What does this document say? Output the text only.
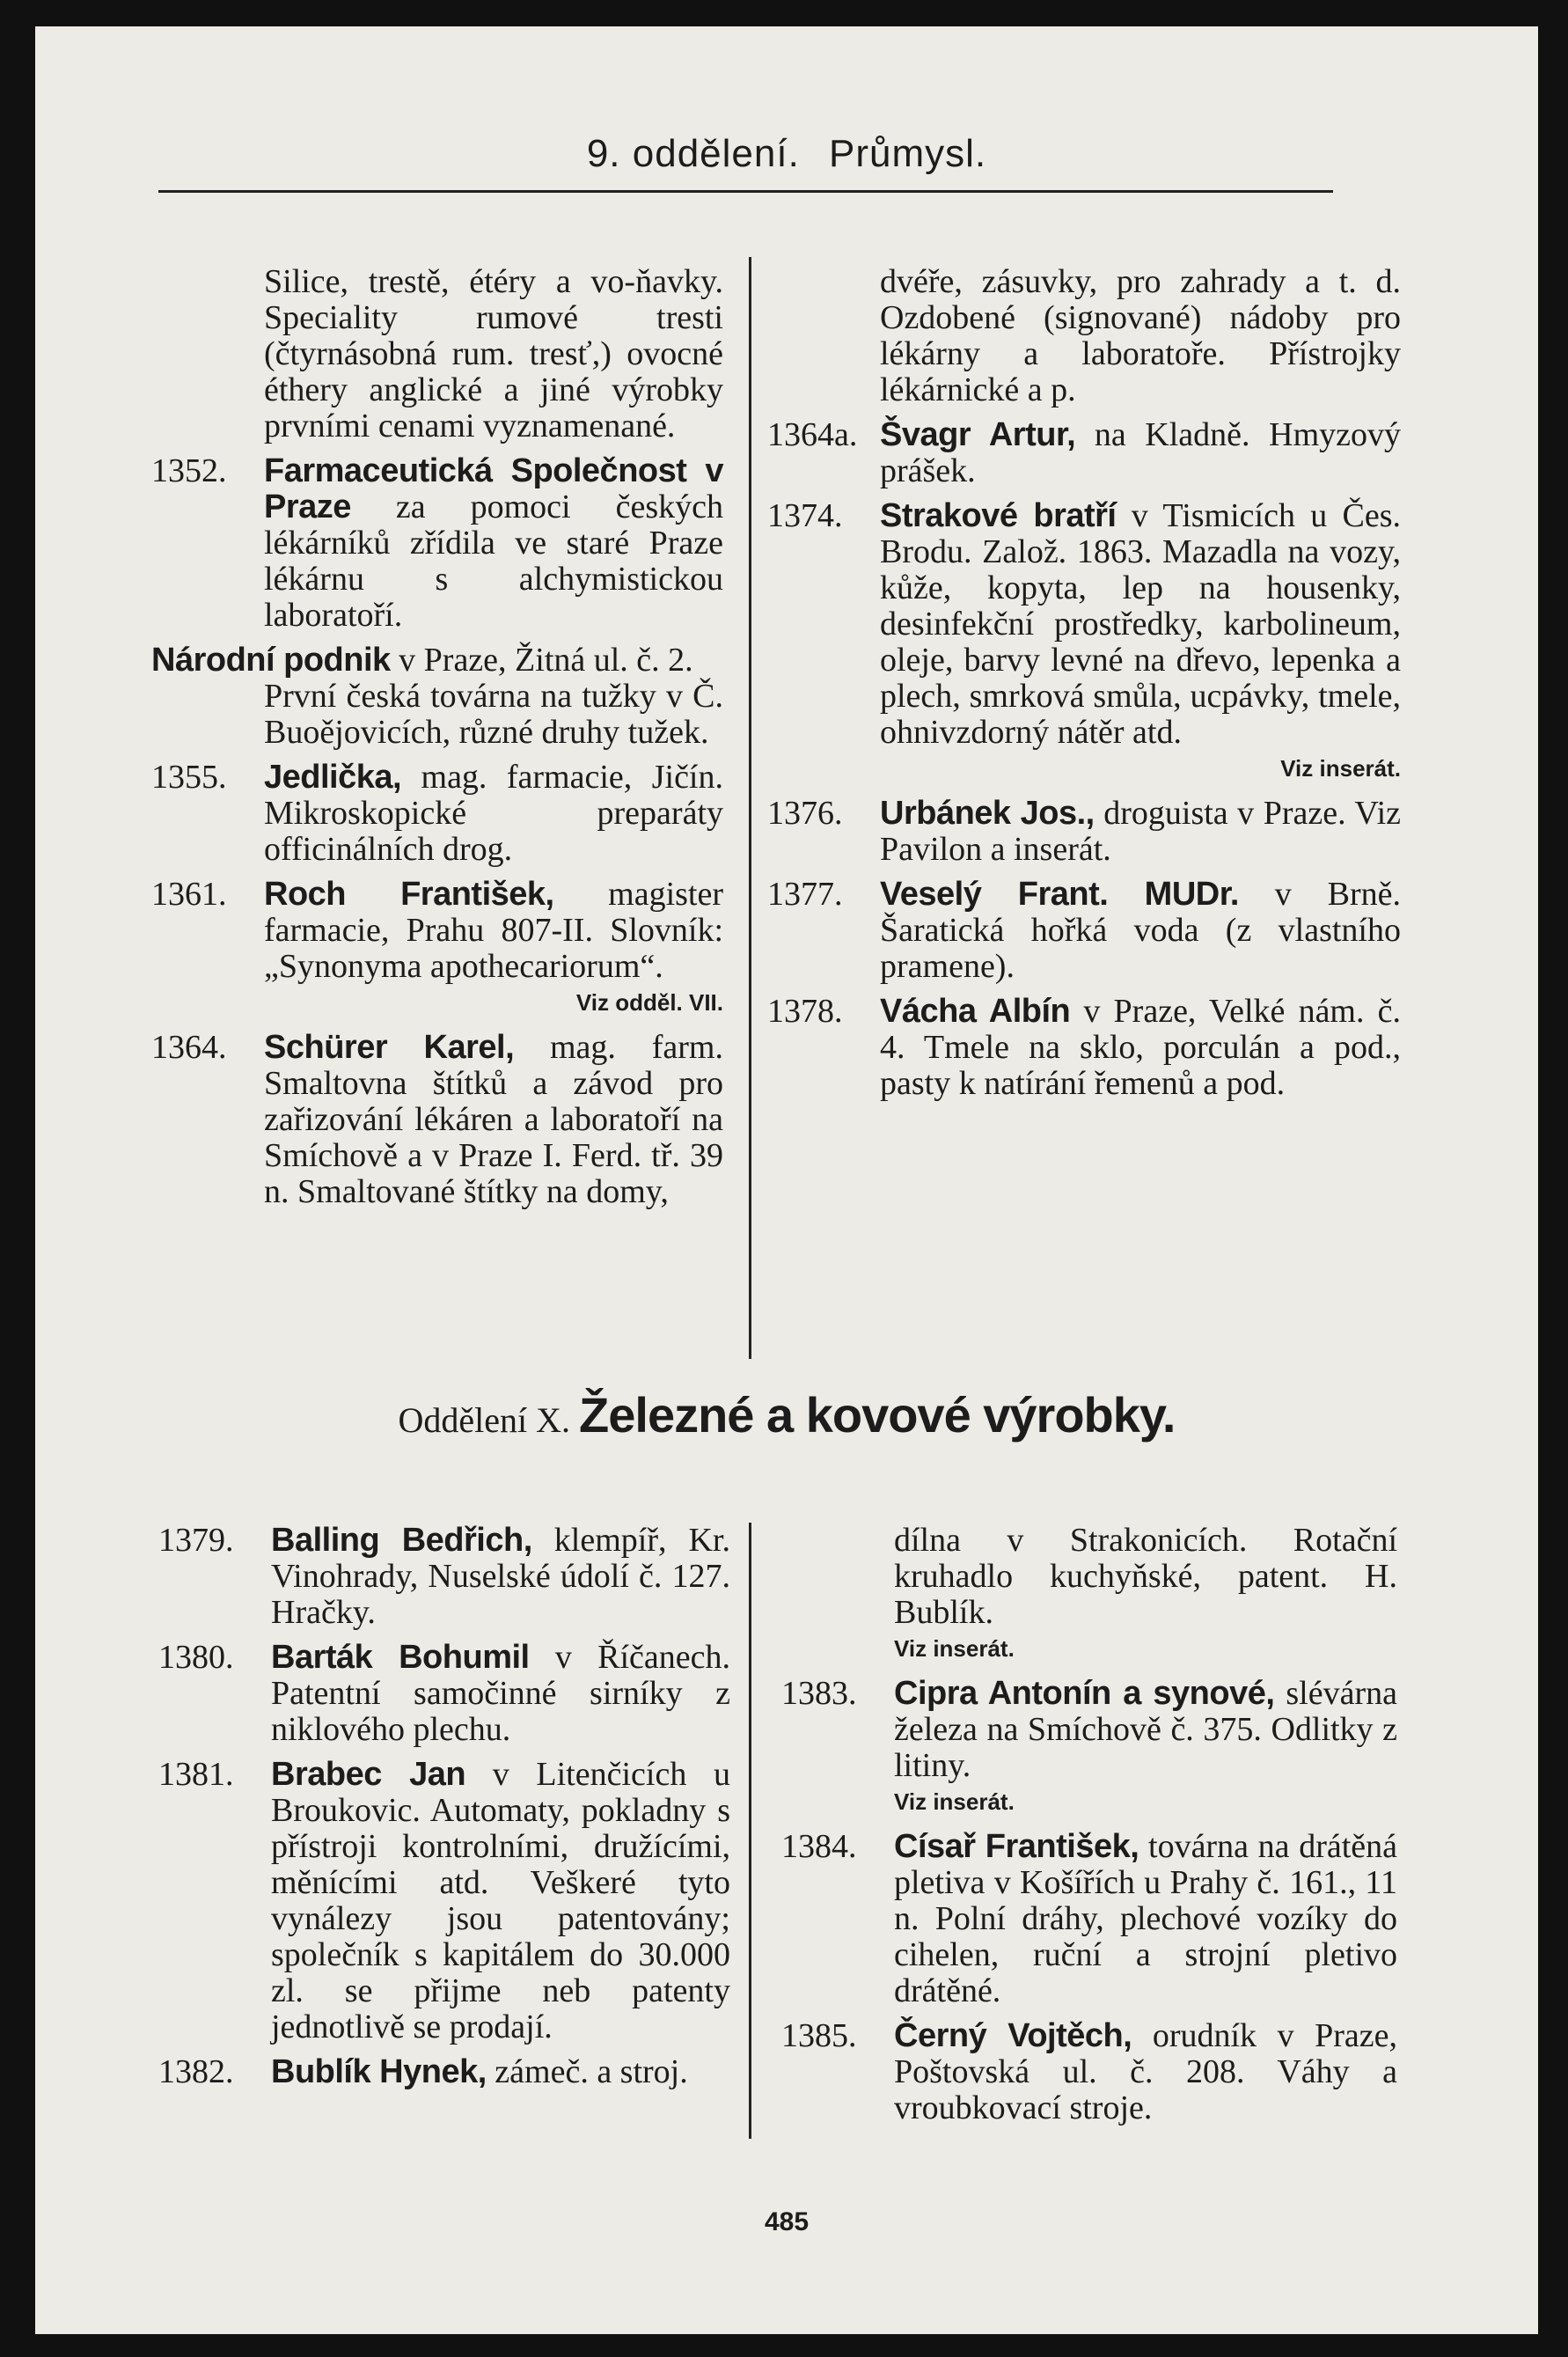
9. oddělení. Průmysl.
Silice, trestě, étéry a vo-ňavky. Speciality rumové tresti (čtyrnásobná rum. tresť,) ovocné éthery anglické a jiné výrobky prvními cenami vyznamenané.
1352. Farmaceutická Společnost v Praze za pomoci českých lékárníků zřídila ve staré Praze lékárnu s alchymistickou laboratoří.
Národní podnik v Praze, Žitná ul. č. 2.
První česká továrna na tužky v Č. Buoějovicích, různé druhy tužek.
1355. Jedlička, mag. farmacie, Jičín. Mikroskopické preparáty officinálních drog.
1361. Roch František, magister farmacie, Prahu 807-II. Slovník: „Synonyma apothecariorum“.
Viz odděl. VII.
1364. Schürer Karel, mag. farm. Smaltovna štítků a závod pro zařizování lékáren a laboratoří na Smíchově a v Praze I. Ferd. tř. 39 n. Smaltované štítky na domy,
dvéře, zásuvky, pro zahrady a t. d. Ozdobené (signované) nádoby pro lékárny a laboratoře. Přístrojky lékárnické a p.
1364a. Švagr Artur, na Kladně. Hmyzový prášek.
1374. Strakové bratří v Tismicích u Čes. Brodu. Založ. 1863. Mazadla na vozy, kůže, kopyta, lep na housenky, desinfekční prostředky, karbolineum, oleje, barvy levné na dřevo, lepenka a plech, smrková smůla, ucpávky, tmele, ohnivzdorný nátěr atd.
Viz inserát.
1376. Urbánek Jos., droguista v Praze. Viz Pavilon a inserát.
1377. Veselý Frant. MUDr. v Brně. Šaratická hořká voda (z vlastního pramene).
1378. Vácha Albín v Praze, Velké nám. č. 4. Tmele na sklo, porculán a pod., pasty k natírání řemenů a pod.
Oddělení X. Železné a kovové výrobky.
1379. Balling Bedřich, klempíř, Kr. Vinohrady, Nuselské údolí č. 127. Hračky.
1380. Barták Bohumil v Říčanech. Patentní samočinné sirníky z niklového plechu.
1381. Brabec Jan v Litenčicích u Broukovic. Automaty, pokladny s přístroji kontrolními, družícími, měnícími atd. Veškeré tyto vynálezy jsou patentovány; společník s kapitálem do 30.000 zl. se přijme neb patenty jednotlivě se prodají.
1382. Bublík Hynek, zámeč. a stroj.
dílna v Strakonicích. Rotační kruhadlo kuchyňské, patent. H. Bublík.
Viz inserát.
1383. Cipra Antonín a synové, slévárna železa na Smíchově č. 375. Odlitky z litiny.
Viz inserát.
1384. Císař František, továrna na drátěná pletiva v Košířích u Prahy č. 161., 11 n. Polní dráhy, plechové vozíky do cihelen, ruční a strojní pletivo drátěné.
1385. Černý Vojtěch, orudník v Praze, Poštovská ul. č. 208. Váhy a vroubkovací stroje.
485
